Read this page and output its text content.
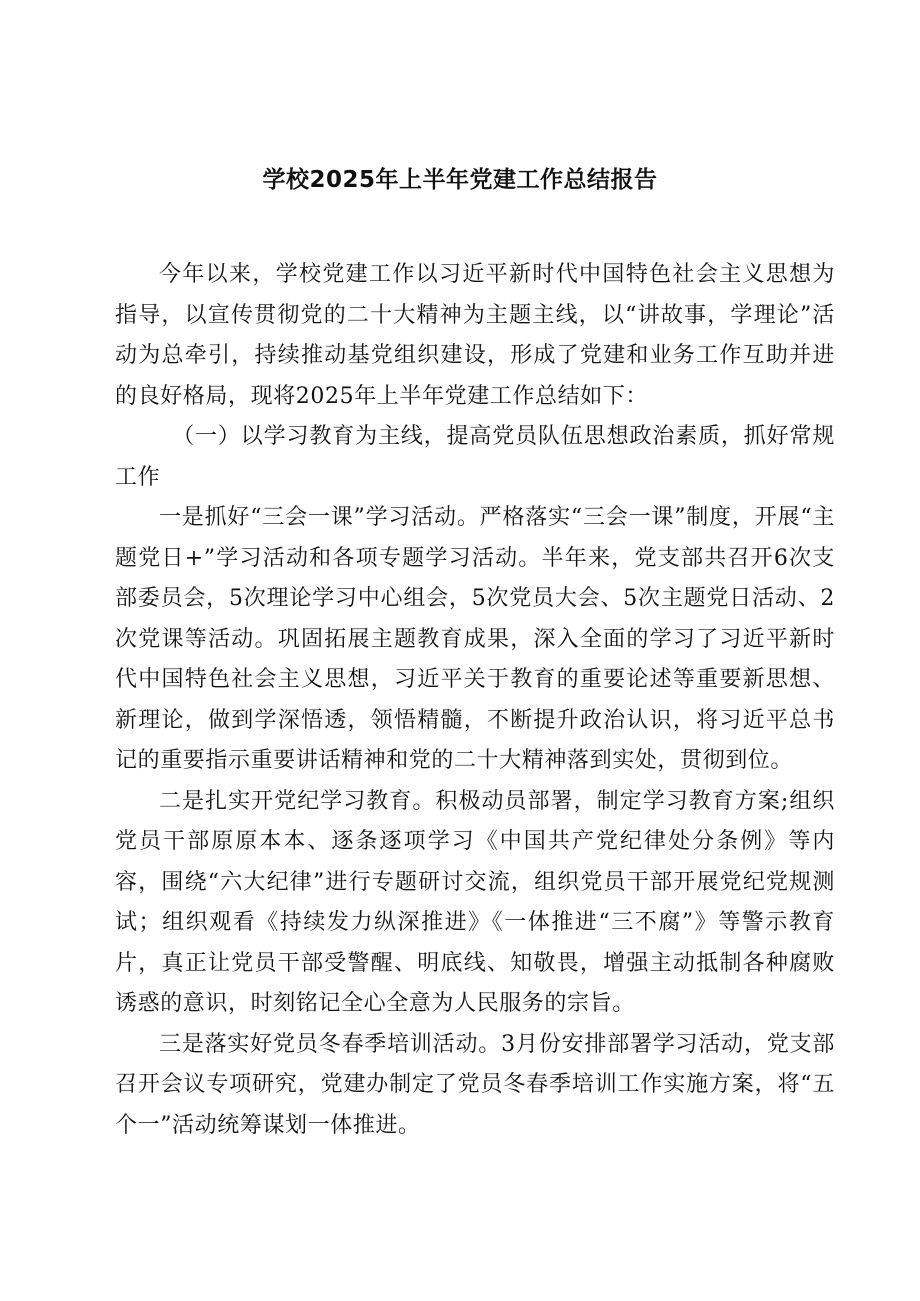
学校2025年上半年党建工作总结报告

今年以来，学校党建工作以习近平新时代中国特色社会主义思想为指导，以宣传贯彻党的二十大精神为主题主线，以“讲故事，学理论”活动为总牵引，持续推动基党组织建设，形成了党建和业务工作互助并进的良好格局，现将2025年上半年党建工作总结如下：

（一）以学习教育为主线，提高党员队伍思想政治素质，抓好常规工作

一是抓好“三会一课”学习活动。严格落实“三会一课”制度，开展“主题党日+”学习活动和各项专题学习活动。半年来，党支部共召开6次支部委员会，5次理论学习中心组会，5次党员大会、5次主题党日活动、2次党课等活动。巩固拓展主题教育成果，深入全面的学习了习近平新时代中国特色社会主义思想，习近平关于教育的重要论述等重要新思想、新理论，做到学深悟透，领悟精髓，不断提升政治认识，将习近平总书记的重要指示重要讲话精神和党的二十大精神落到实处，贯彻到位。

二是扎实开党纪学习教育。积极动员部署，制定学习教育方案;组织党员干部原原本本、逐条逐项学习《中国共产党纪律处分条例》等内容，围绕“六大纪律”进行专题研讨交流，组织党员干部开展党纪党规测试；组织观看《持续发力纵深推进》《一体推进“三不腐”》等警示教育片，真正让党员干部受警醒、明底线、知敬畏，增强主动抵制各种腐败诱惑的意识，时刻铭记全心全意为人民服务的宗旨。

三是落实好党员冬春季培训活动。3月份安排部署学习活动，党支部召开会议专项研究，党建办制定了党员冬春季培训工作实施方案，将“五个一”活动统筹谋划一体推进。
